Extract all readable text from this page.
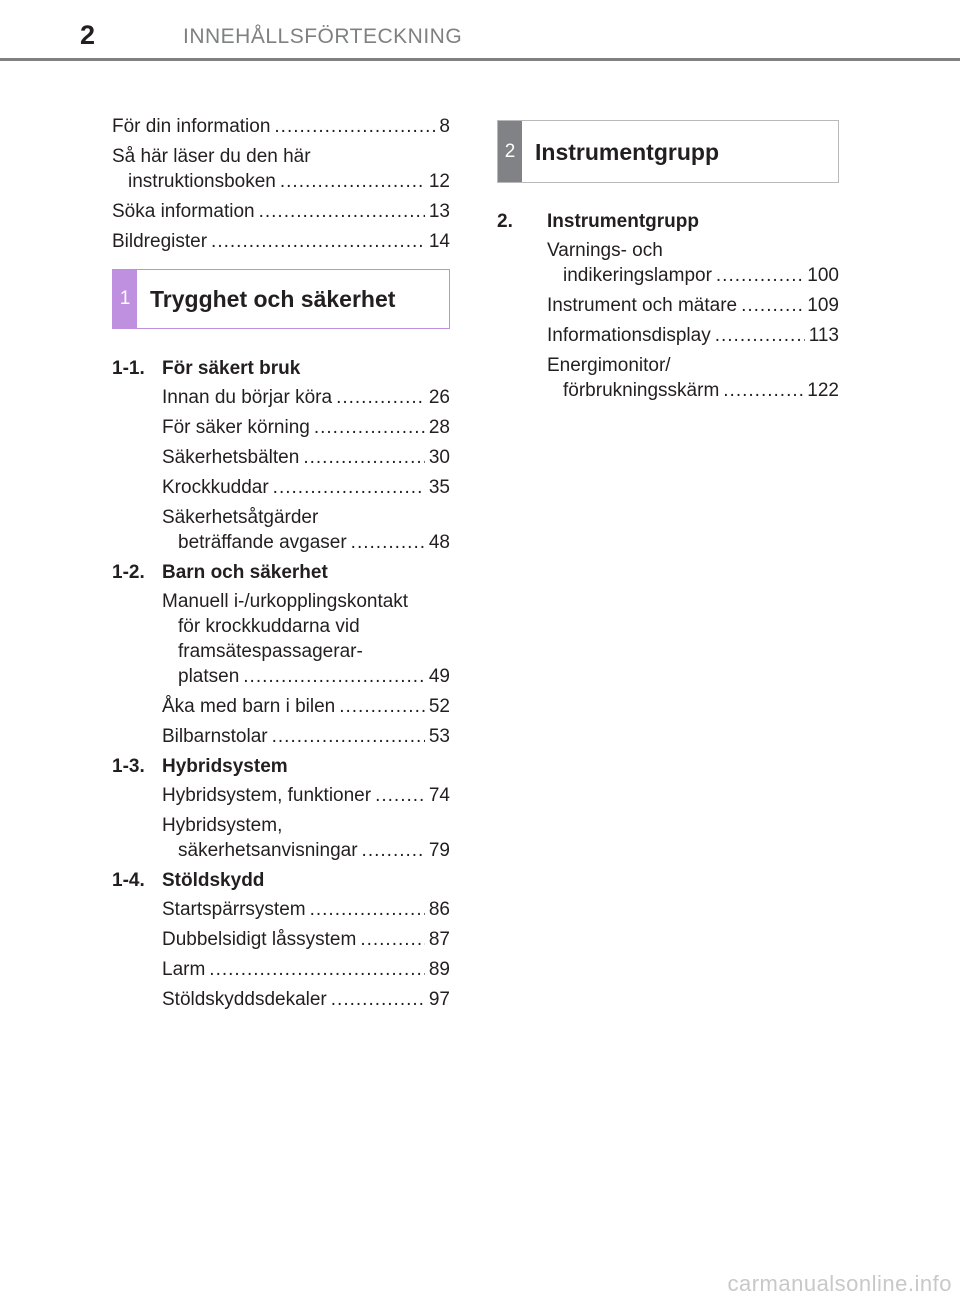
2	INNEHÅLLSFÖRTECKNING
För din information .....	8
Så här läser du den här
instruktionsboken .....	12
Söka information .....	13
Bildregister .....	14
1 Trygghet och säkerhet
1-1. För säkert bruk
Innan du börjar köra .....	26
För säker körning .....	28
Säkerhetsbälten .....	30
Krockkuddar .....	35
Säkerhetsåtgärder
beträffande avgaser .....	48
1-2. Barn och säkerhet
Manuell i-/urkopplingskontakt
för krockkuddarna vid
framsätespassagerar-
platsen .....	49
Åka med barn i bilen .....	52
Bilbarnstolar .....	53
1-3. Hybridsystem
Hybridsystem, funktioner .....	74
Hybridsystem,
säkerhetsanvisningar .....	79
1-4. Stöldskydd
Startspärrsystem .....	86
Dubbelsidigt låssystem .....	87
Larm .....	89
Stöldskyddsdekaler .....	97
2 Instrumentgrupp
2.	Instrumentgrupp
Varnings- och
indikeringslampor .....	100
Instrument och mätare .....	109
Informationsdisplay .....	113
Energimonitor/
förbrukningsskärm .....	122
carmanualsonline.info
